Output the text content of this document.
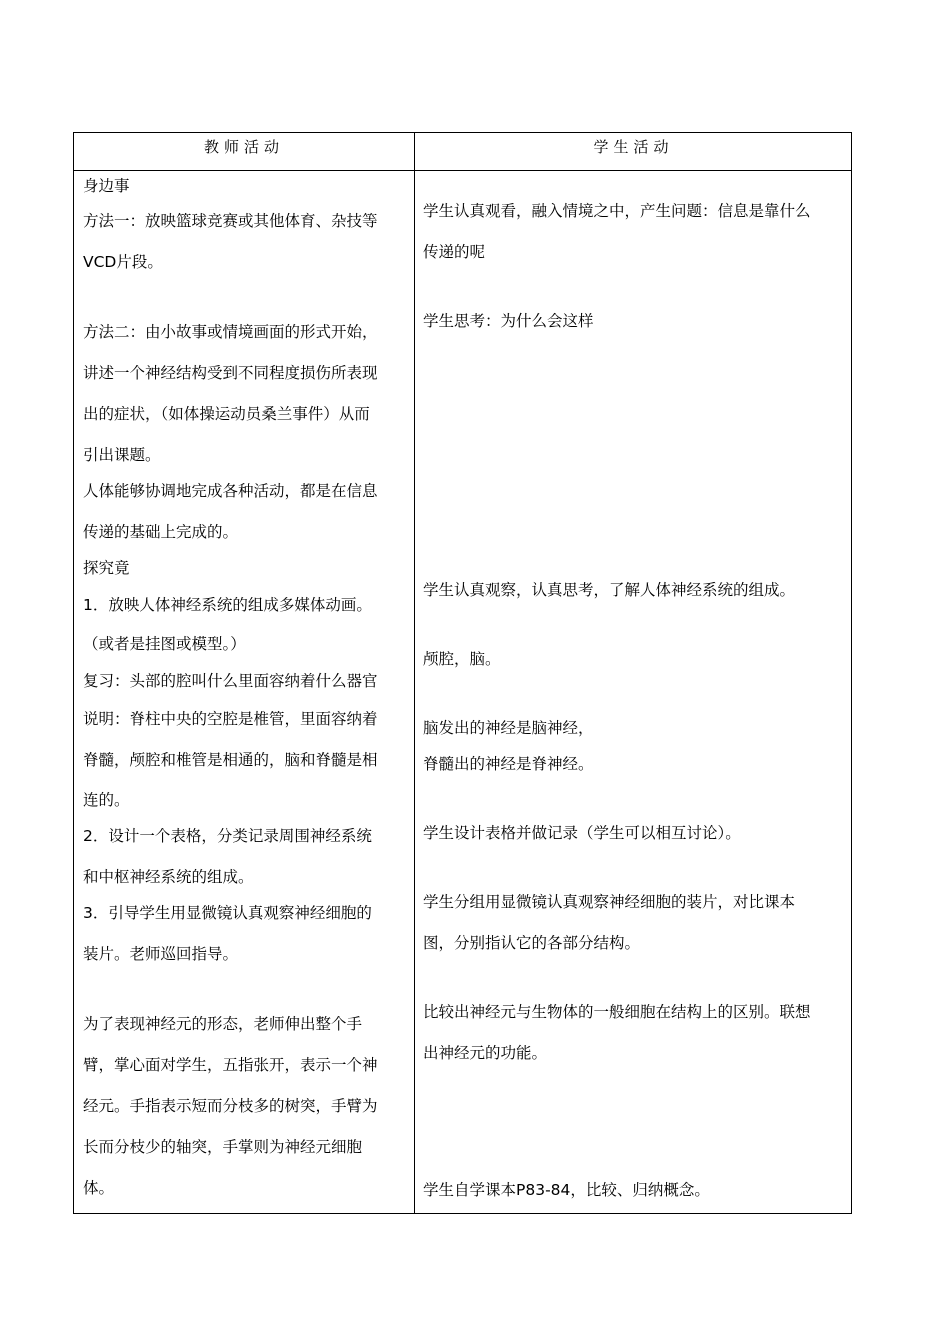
教师活动	学生活动
身边事
方法一：放映篮球竞赛或其他体育、杂技等
VCD片段。
方法二：由小故事或情境画面的形式开始，
讲述一个神经结构受到不同程度损伤所表现
出的症状，（如体操运动员桑兰事件）从而
引出课题。
人体能够协调地完成各种活动，都是在信息
传递的基础上完成的。
探究竟
1．放映人体神经系统的组成多媒体动画。
（或者是挂图或模型。）
复习：头部的腔叫什么里面容纳着什么器官
说明：脊柱中央的空腔是椎管，里面容纳着
脊髓，颅腔和椎管是相通的，脑和脊髓是相
连的。
2．设计一个表格，分类记录周围神经系统
和中枢神经系统的组成。
3．引导学生用显微镜认真观察神经细胞的
装片。老师巡回指导。
为了表现神经元的形态，老师伸出整个手
臂，掌心面对学生，五指张开，表示一个神
经元。手指表示短而分枝多的树突，手臂为
长而分枝少的轴突，手掌则为神经元细胞
体。
学生认真观看，融入情境之中，产生问题：信息是靠什么
传递的呢
学生思考：为什么会这样
学生认真观察，认真思考，了解人体神经系统的组成。
颅腔，脑。
脑发出的神经是脑神经，
脊髓出的神经是脊神经。
学生设计表格并做记录（学生可以相互讨论）。
学生分组用显微镜认真观察神经细胞的装片，对比课本
图，分别指认它的各部分结构。
比较出神经元与生物体的一般细胞在结构上的区别。联想
出神经元的功能。
学生自学课本P83-84，比较、归纳概念。
